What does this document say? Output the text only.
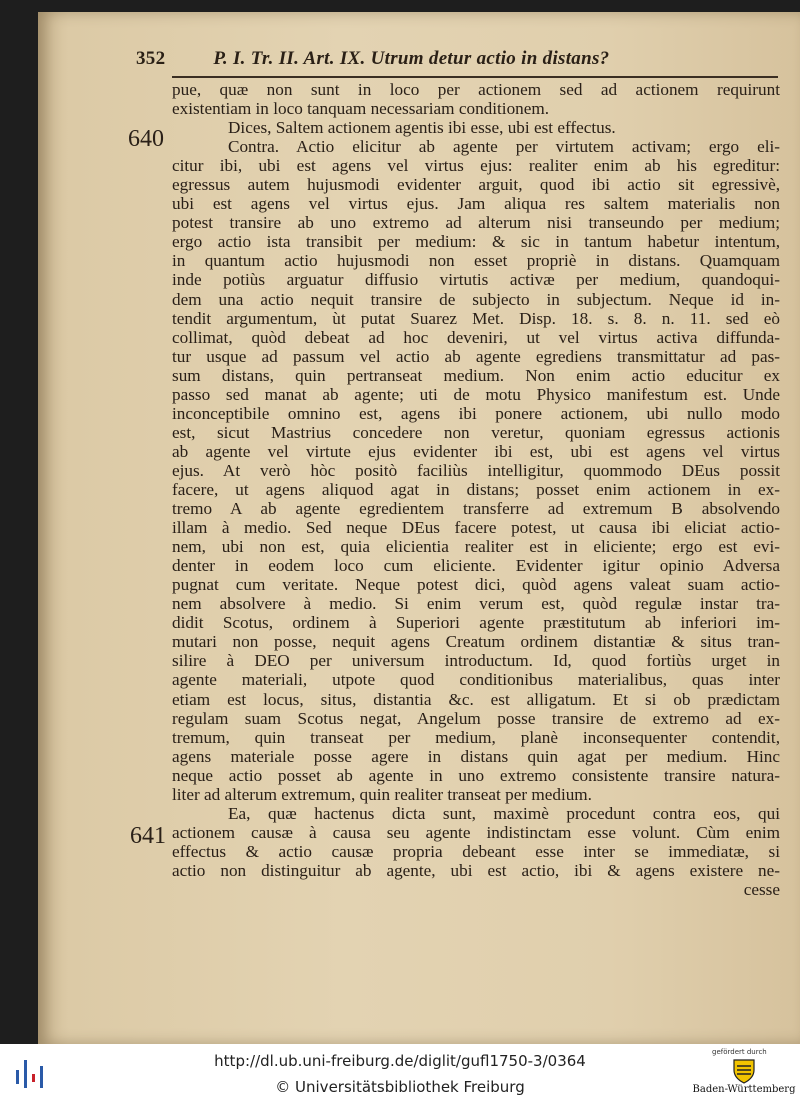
352	P. I. Tr. II. Art. IX. Utrum detur actio in distans?
640
641
pue, quæ non sunt in loco per actionem sed ad actionem requirunt
existentiam in loco tanquam necessariam conditionem.
Dices, Saltem actionem agentis ibi esse, ubi est effectus.
Contra. Actio elicitur ab agente per virtutem activam; ergo eli-
citur ibi, ubi est agens vel virtus ejus: realiter enim ab his egreditur:
egressus autem hujusmodi evidenter arguit, quod ibi actio sit egressivè,
ubi est agens vel virtus ejus. Jam aliqua res saltem materialis non
potest transire ab uno extremo ad alterum nisi transeundo per medium;
ergo actio ista transibit per medium: & sic in tantum habetur intentum,
in quantum actio hujusmodi non esset propriè in distans. Quamquam
inde potiùs arguatur diffusio virtutis activæ per medium, quandoqui-
dem una actio nequit transire de subjecto in subjectum. Neque id in-
tendit argumentum, ùt putat Suarez Met. Disp. 18. s. 8. n. 11. sed eò
collimat, quòd debeat ad hoc deveniri, ut vel virtus activa diffunda-
tur usque ad passum vel actio ab agente egrediens transmittatur ad pas-
sum distans, quin pertranseat medium. Non enim actio educitur ex
passo sed manat ab agente; uti de motu Physico manifestum est. Unde
inconceptibile omnino est, agens ibi ponere actionem, ubi nullo modo
est, sicut Mastrius concedere non veretur, quoniam egressus actionis
ab agente vel virtute ejus evidenter ibi est, ubi est agens vel virtus
ejus. At verò hòc positò faciliùs intelligitur, quommodo DEus possit
facere, ut agens aliquod agat in distans; posset enim actionem in ex-
tremo A ab agente egredientem transferre ad extremum B absolvendo
illam à medio. Sed neque DEus facere potest, ut causa ibi eliciat actio-
nem, ubi non est, quia elicientia realiter est in eliciente; ergo est evi-
denter in eodem loco cum eliciente. Evidenter igitur opinio Adversa
pugnat cum veritate. Neque potest dici, quòd agens valeat suam actio-
nem absolvere à medio. Si enim verum est, quòd regulæ instar tra-
didit Scotus, ordinem à Superiori agente præstitutum ab inferiori im-
mutari non posse, nequit agens Creatum ordinem distantiæ & situs tran-
silire à DEO per universum introductum. Id, quod fortiùs urget in
agente materiali, utpote quod conditionibus materialibus, quas inter
etiam est locus, situs, distantia &c. est alligatum. Et si ob prædictam
regulam suam Scotus negat, Angelum posse transire de extremo ad ex-
tremum, quin transeat per medium, planè inconsequenter contendit,
agens materiale posse agere in distans quin agat per medium. Hinc
neque actio posset ab agente in uno extremo consistente transire natura-
liter ad alterum extremum, quin realiter transeat per medium.
Ea, quæ hactenus dicta sunt, maximè procedunt contra eos, qui
actionem causæ à causa seu agente indistinctam esse volunt. Cùm enim
effectus & actio causæ propria debeant esse inter se immediatæ, si
actio non distinguitur ab agente, ubi est actio, ibi & agens existere ne-
cesse
http://dl.ub.uni-freiburg.de/diglit/gufl1750-3/0364
© Universitätsbibliothek Freiburg
gefördert durch
Baden-Württemberg
